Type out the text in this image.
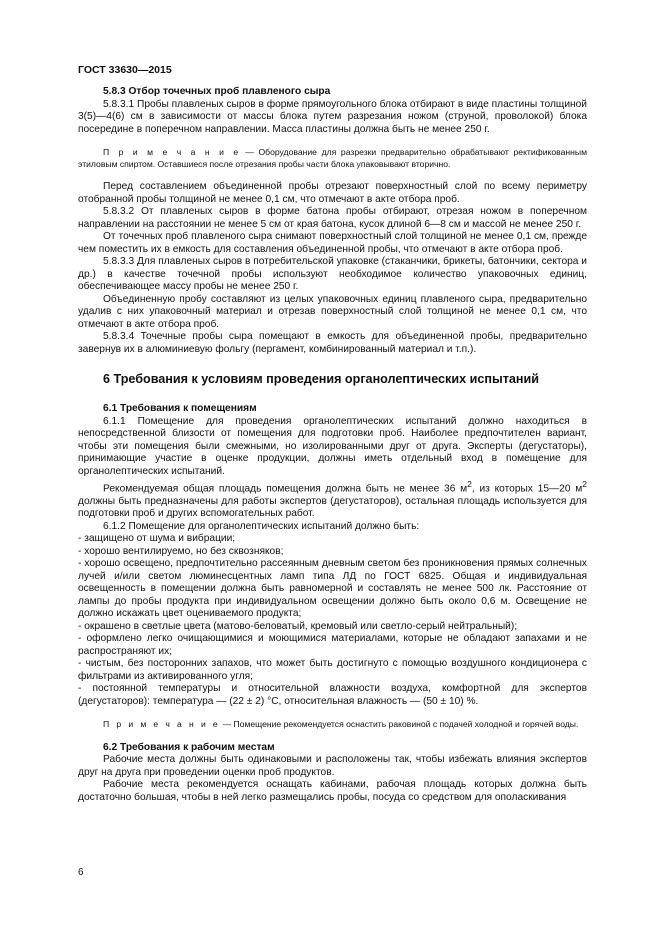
ГОСТ 33630—2015

5.8.3 Отбор точечных проб плавленого сыра

5.8.3.1 Пробы плавленых сыров в форме прямоугольного блока отбирают в виде пластины толщиной 3(5)—4(6) см в зависимости от массы блока путем разрезания ножом (струной, проволокой) блока посередине в поперечном направлении. Масса пластины должна быть не менее 250 г.

П р и м е ч а н и е — Оборудование для разрезки предварительно обрабатывают ректификованным этиловым спиртом. Оставшиеся после отрезания пробы части блока упаковывают вторично.

Перед составлением объединенной пробы отрезают поверхностный слой по всему периметру отобранной пробы толщиной не менее 0,1 см, что отмечают в акте отбора проб.

5.8.3.2 От плавленых сыров в форме батона пробы отбирают, отрезая ножом в поперечном направлении на расстоянии не менее 5 см от края батона, кусок длиной 6—8 см и массой не менее 250 г.

От точечных проб плавленого сыра снимают поверхностный слой толщиной не менее 0,1 см, прежде чем поместить их в емкость для составления объединенной пробы, что отмечают в акте отбора проб.

5.8.3.3 Для плавленых сыров в потребительской упаковке (стаканчики, брикеты, батончики, сектора и др.) в качестве точечной пробы используют необходимое количество упаковочных единиц, обеспечивающее массу пробы не менее 250 г.

Объединенную пробу составляют из целых упаковочных единиц плавленого сыра, предварительно удалив с них упаковочный материал и отрезав поверхностный слой толщиной не менее 0,1 см, что отмечают в акте отбора проб.

5.8.3.4 Точечные пробы сыра помещают в емкость для объединенной пробы, предварительно завернув их в алюминиевую фольгу (пергамент, комбинированный материал и т.п.).

6 Требования к условиям проведения органолептических испытаний

6.1 Требования к помещениям

6.1.1 Помещение для проведения органолептических испытаний должно находиться в непосредственной близости от помещения для подготовки проб. Наиболее предпочтителен вариант, чтобы эти помещения были смежными, но изолированными друг от друга. Эксперты (дегустаторы), принимающие участие в оценке продукции, должны иметь отдельный вход в помещение для органолептических испытаний.

Рекомендуемая общая площадь помещения должна быть не менее 36 $м^2$, из которых 15—20 $м^2$ должны быть предназначены для работы экспертов (дегустаторов), остальная площадь используется для подготовки проб и других вспомогательных работ.

6.1.2 Помещение для органолептических испытаний должно быть:

- защищено от шума и вибрации;

- хорошо вентилируемо, но без сквозняков;

- хорошо освещено, предпочтительно рассеянным дневным светом без проникновения прямых солнечных лучей и/или светом люминесцентных ламп типа ЛД по ГОСТ 6825. Общая и индивидуальная освещенность в помещении должна быть равномерной и составлять не менее 500 лк. Расстояние от лампы до пробы продукта при индивидуальном освещении должно быть около 0,6 м. Освещение не должно искажать цвет оцениваемого продукта;

- окрашено в светлые цвета (матово-беловатый, кремовый или светло-серый нейтральный);

- оформлено легко очищающимися и моющимися материалами, которые не обладают запахами и не распространяют их;

- чистым, без посторонних запахов, что может быть достигнуто с помощью воздушного кондиционера с фильтрами из активированного угля;

- постоянной температуры и относительной влажности воздуха, комфортной для экспертов (дегустаторов): температура — (22 ± 2) °С, относительная влажность — (50 ± 10) %.

П р и м е ч а н и е — Помещение рекомендуется оснастить раковиной с подачей холодной и горячей воды.

6.2 Требования к рабочим местам

Рабочие места должны быть одинаковыми и расположены так, чтобы избежать влияния экспертов друг на друга при проведении оценки проб продуктов.

Рабочие места рекомендуется оснащать кабинами, рабочая площадь которых должна быть достаточно большая, чтобы в ней легко размещались пробы, посуда со средством для ополаскивания

6
